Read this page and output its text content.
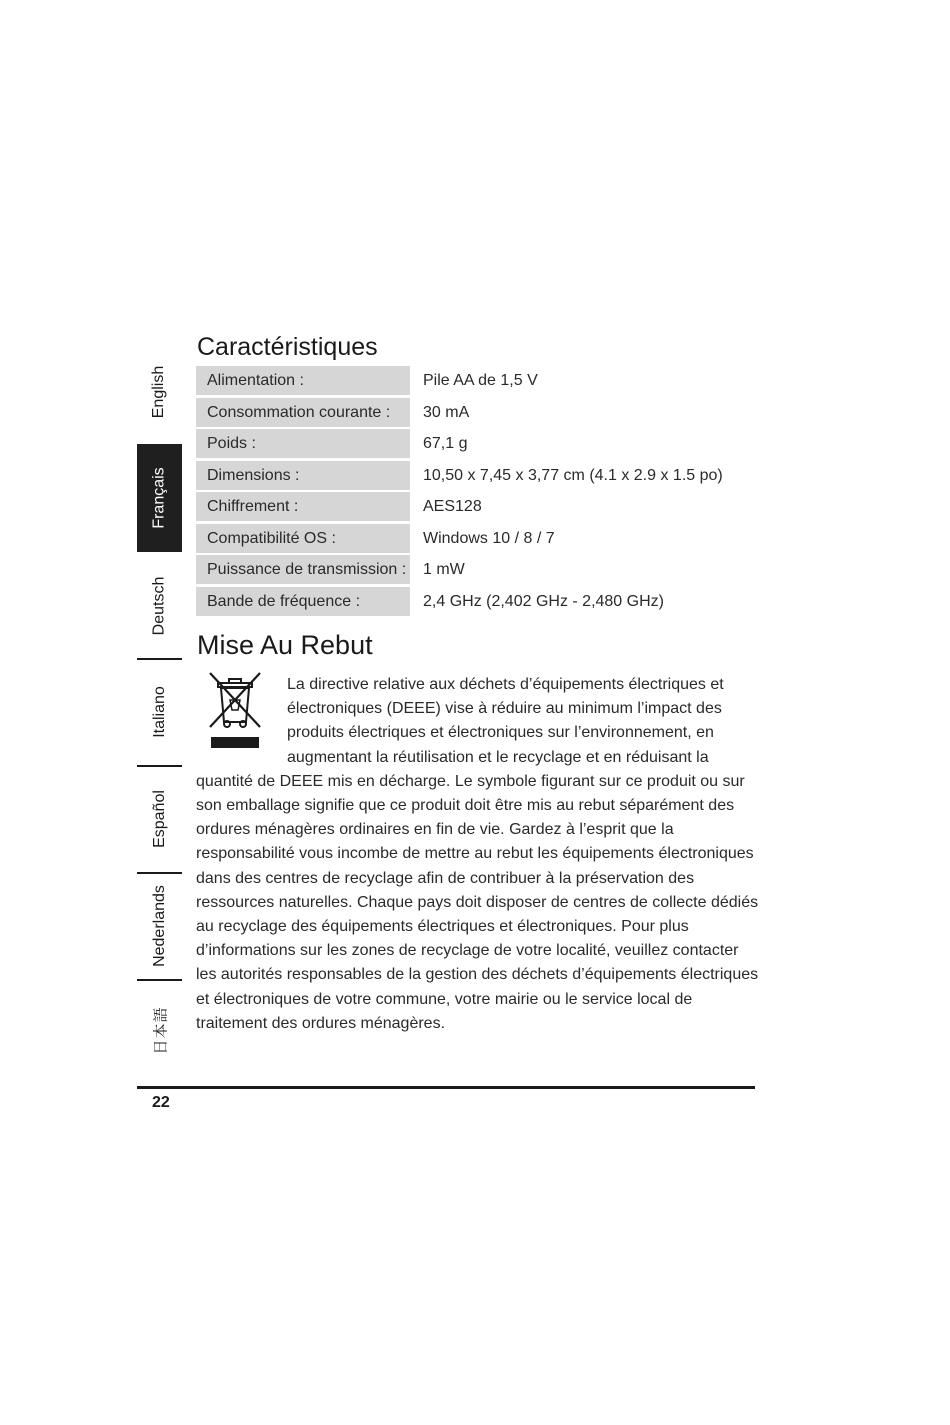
English
Français
Deutsch
Italiano
Español
Nederlands
日本語
Caractéristiques
Alimentation :	Pile AA de 1,5 V
Consommation courante :	30 mA
Poids :	67,1 g
Dimensions :	10,50 x 7,45 x 3,77 cm (4.1 x 2.9 x 1.5 po)
Chiffrement :	AES128
Compatibilité OS :	Windows 10 / 8 / 7
Puissance de transmission :	1 mW
Bande de fréquence :	2,4 GHz (2,402 GHz - 2,480 GHz)
Mise Au Rebut

La directive relative aux déchets d’équipements électriques et électroniques (DEEE) vise à réduire au minimum l’impact des produits électriques et électroniques sur l’environnement, en augmentant la réutilisation et le recyclage et en réduisant la quantité de DEEE mis en décharge. Le symbole figurant sur ce produit ou sur son emballage signifie que ce produit doit être mis au rebut séparément des ordures ménagères ordinaires en fin de vie. Gardez à l’esprit que la responsabilité vous incombe de mettre au rebut les équipements électroniques dans des centres de recyclage afin de contribuer à la préservation des ressources naturelles. Chaque pays doit disposer de centres de collecte dédiés au recyclage des équipements électriques et électroniques. Pour plus d’informations sur les zones de recyclage de votre localité, veuillez contacter les autorités responsables de la gestion des déchets d’équipements électriques et électroniques de votre commune, votre mairie ou le service local de traitement des ordures ménagères.

22
